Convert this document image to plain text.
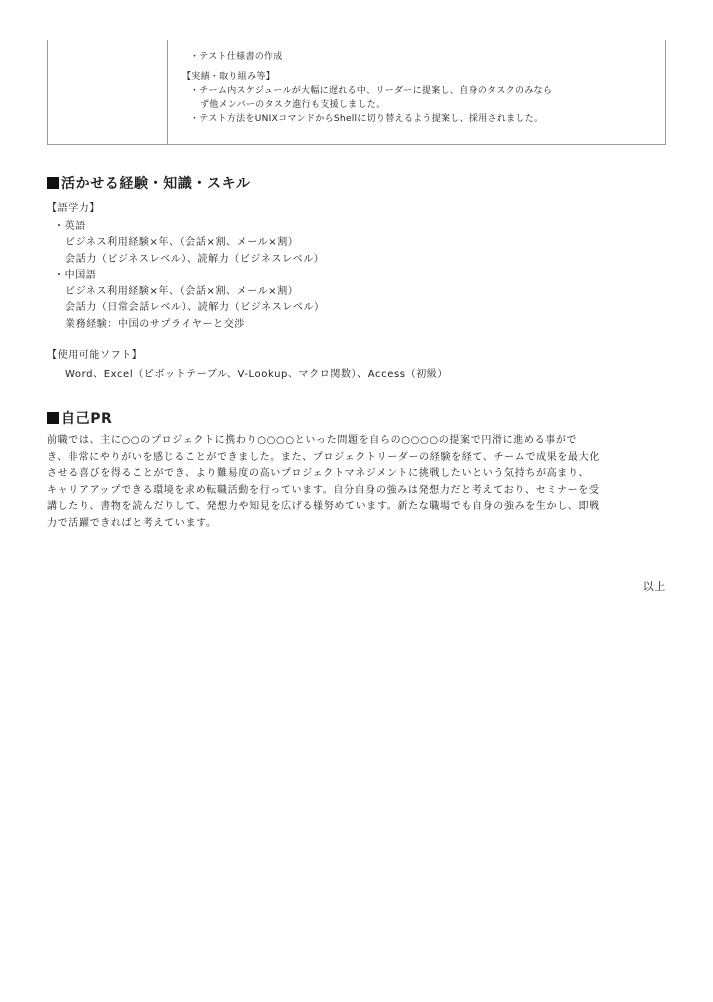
・テスト仕様書の作成
【実績・取り組み等】
・チーム内スケジュールが大幅に遅れる中、リーダーに提案し、自身のタスクのみなら
ず他メンバーのタスク進行も支援しました。
・テスト方法をUNIXコマンドからShellに切り替えるよう提案し、採用されました。
活かせる経験・知識・スキル
【語学力】
・英語
ビジネス利用経験×年、（会話×割、メール×割）
会話力（ビジネスレベル）、読解力（ビジネスレベル）
・中国語
ビジネス利用経験×年、（会話×割、メール×割）
会話力（日常会話レベル）、読解力（ビジネスレベル）
業務経験：中国のサプライヤーと交渉
【使用可能ソフト】
Word、Excel（ピボットテーブル、V-Lookup、マクロ関数）、Access（初級）
自己PR
前職では、主に○○のプロジェクトに携わり○○○○といった問題を自らの○○○○の提案で円滑に進める事がで
き、非常にやりがいを感じることができました。また、プロジェクトリーダーの経験を経て、チームで成果を最大化
させる喜びを得ることができ、より難易度の高いプロジェクトマネジメントに挑戦したいという気持ちが高まり、
キャリアアップできる環境を求め転職活動を行っています。自分自身の強みは発想力だと考えており、セミナーを受
講したり、書物を読んだりして、発想力や知見を広げる様努めています。新たな職場でも自身の強みを生かし、即戦
力で活躍できればと考えています。
以上
